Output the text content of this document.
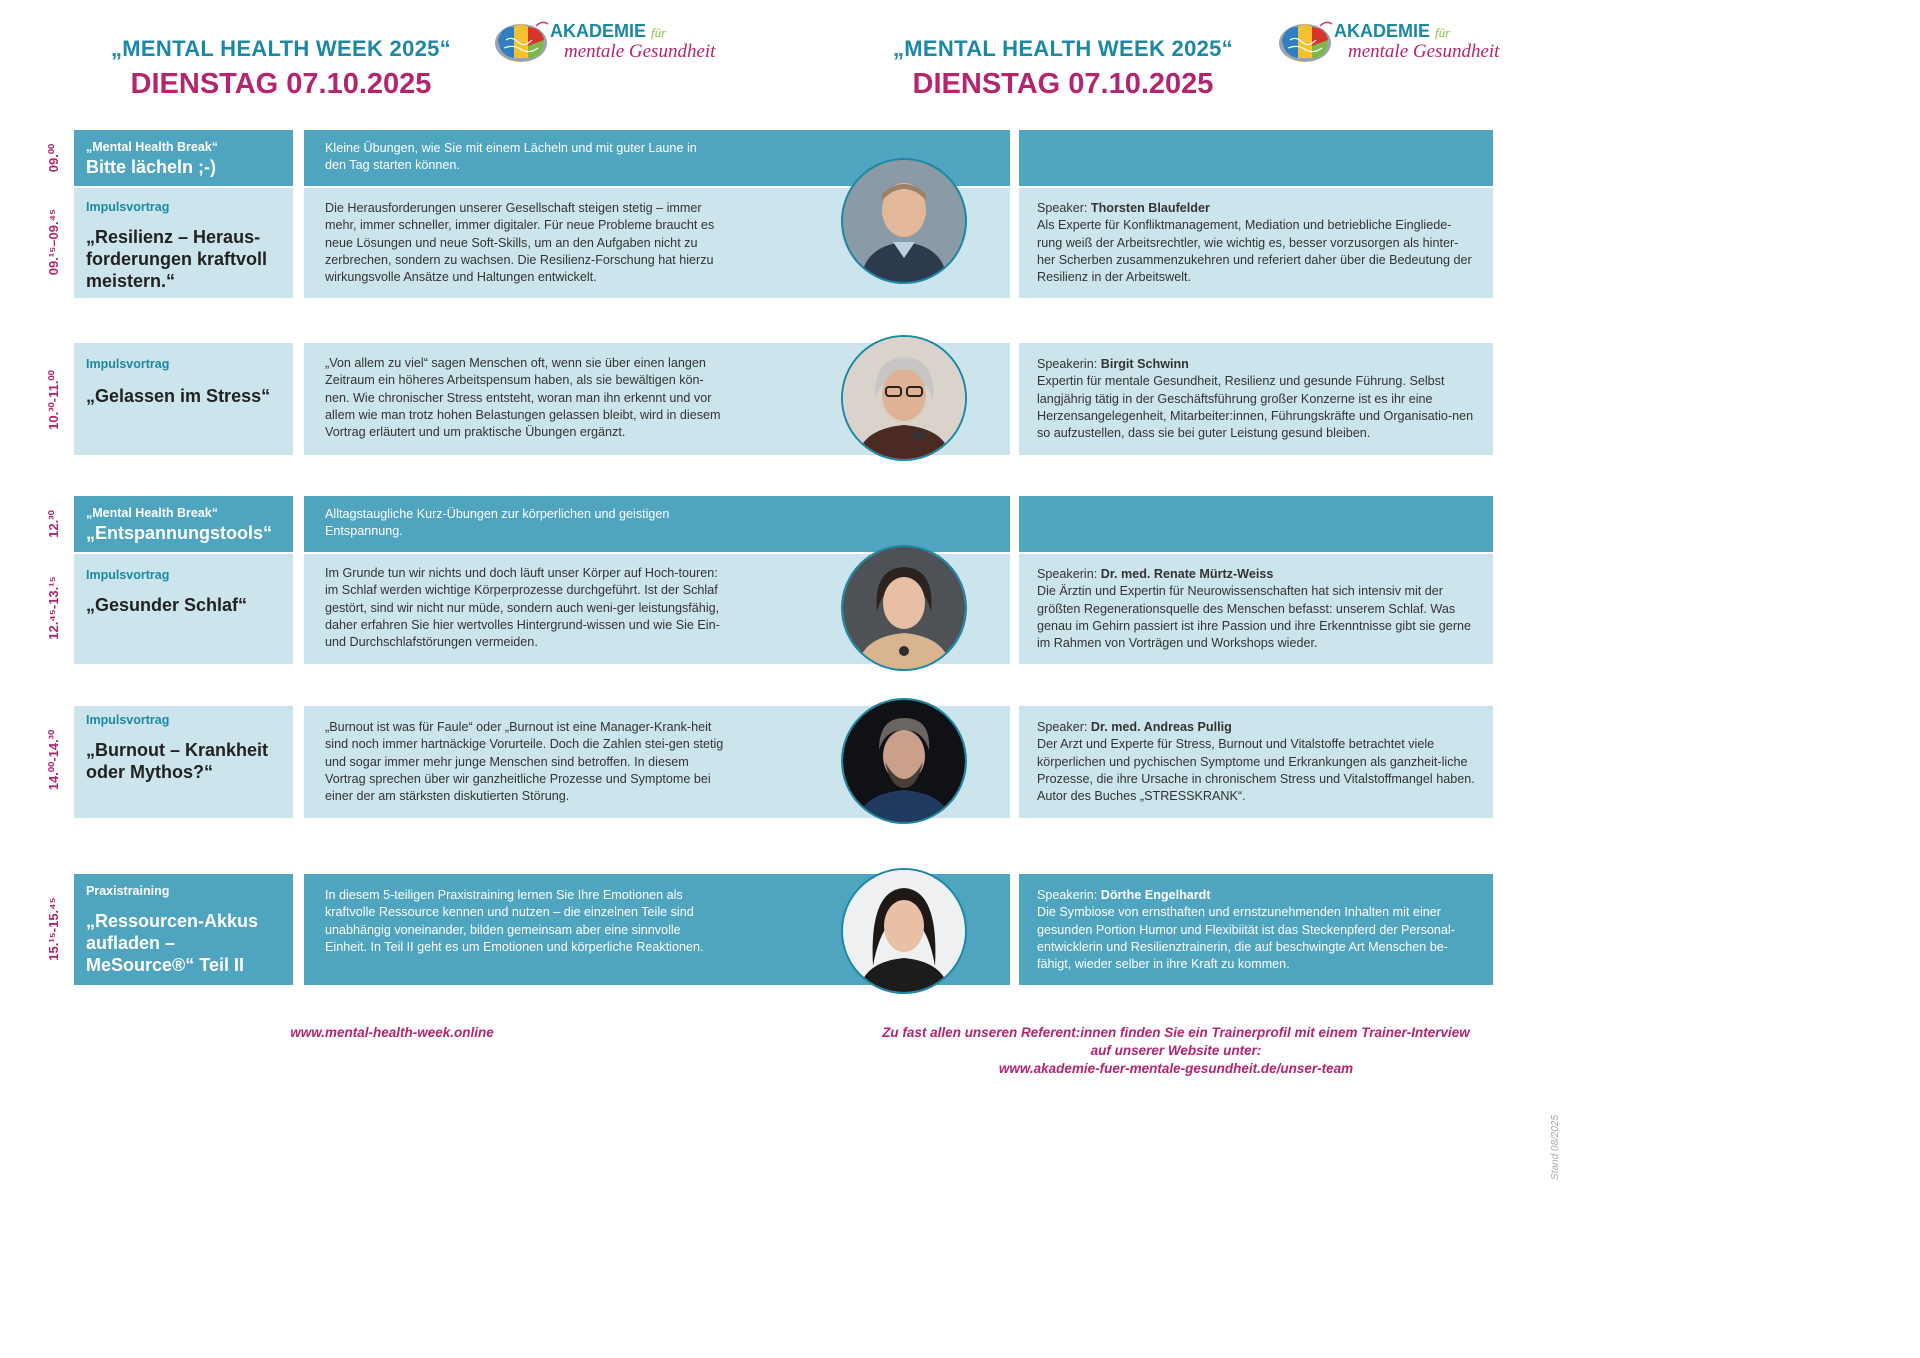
„MENTAL HEALTH WEEK 2025“
DIENSTAG 07.10.2025
AKADEMIE für
mentale Gesundheit	„MENTAL HEALTH WEEK 2025“
DIENSTAG 07.10.2025
AKADEMIE für
mentale Gesundheit
09.⁰⁰ „Mental Health Break“
Bitte lächeln ;-)
Kleine Übungen, wie Sie mit einem Lächeln und mit guter Laune in den Tag starten können.
09.¹⁵–09.⁴⁵
Impulsvortrag
„Resilienz – Heraus-forderungen kraftvoll meistern.“
Die Herausforderungen unserer Gesellschaft steigen stetig – immer mehr, immer schneller, immer digitaler. Für neue Probleme braucht es neue Lösungen und neue Soft-Skills, um an den Aufgaben nicht zu zerbrechen, sondern zu wachsen. Die Resilienz-Forschung hat hierzu wirkungsvolle Ansätze und Haltungen entwickelt.
Speaker: Thorsten Blaufelder
Als Experte für Konfliktmanagement, Mediation und betriebliche Eingliede-rung weiß der Arbeitsrechtler, wie wichtig es, besser vorzusorgen als hinter-her Scherben zusammenzukehren und referiert daher über die Bedeutung der Resilienz in der Arbeitswelt.
10.³⁰-11.⁰⁰
Impulsvortrag
„Gelassen im Stress“
„Von allem zu viel“ sagen Menschen oft, wenn sie über einen langen Zeitraum ein höheres Arbeitspensum haben, als sie bewältigen kön-nen. Wie chronischer Stress entsteht, woran man ihn erkennt und vor allem wie man trotz hohen Belastungen gelassen bleibt, wird in diesem Vortrag erläutert und um praktische Übungen ergänzt.
Speakerin: Birgit Schwinn
Expertin für mentale Gesundheit, Resilienz und gesunde Führung. Selbst langjährig tätig in der Geschäftsführung großer Konzerne ist es ihr eine Herzensangelegenheit, Mitarbeiter:innen, Führungskräfte und Organisatio-nen so aufzustellen, dass sie bei guter Leistung gesund bleiben.
12.³⁰ „Mental Health Break“
„Entspannungstools“
Alltagstaugliche Kurz-Übungen zur körperlichen und geistigen Entspannung.
12.⁴⁵-13.¹⁵
Impulsvortrag
„Gesunder Schlaf“
Im Grunde tun wir nichts und doch läuft unser Körper auf Hoch-touren: im Schlaf werden wichtige Körperprozesse durchgeführt. Ist der Schlaf gestört, sind wir nicht nur müde, sondern auch weni-ger leistungsfähig, daher erfahren Sie hier wertvolles Hintergrund-wissen und wie Sie Ein- und Durchschlafstörungen vermeiden.
Speakerin: Dr. med. Renate Mürtz-Weiss
Die Ärztin und Expertin für Neurowissenschaften hat sich intensiv mit der größten Regenerationsquelle des Menschen befasst: unserem Schlaf. Was genau im Gehirn passiert ist ihre Passion und ihre Erkenntnisse gibt sie gerne im Rahmen von Vorträgen und Workshops wieder.
14.⁰⁰-14.³⁰
Impulsvortrag
„Burnout – Krankheit oder Mythos?“
„Burnout ist was für Faule“ oder „Burnout ist eine Manager-Krank-heit sind noch immer hartnäckige Vorurteile. Doch die Zahlen stei-gen stetig und sogar immer mehr junge Menschen sind betroffen. In diesem Vortrag sprechen über wir ganzheitliche Prozesse und Symptome bei einer der am stärksten diskutierten Störung.
Speaker: Dr. med. Andreas Pullig
Der Arzt und Experte für Stress, Burnout und Vitalstoffe betrachtet viele körperlichen und pychischen Symptome und Erkrankungen als ganzheit-liche Prozesse, die ihre Ursache in chronischem Stress und Vitalstoffmangel haben. Autor des Buches „STRESSKRANK“.
15.¹⁵-15.⁴⁵
Praxistraining
„Ressourcen-Akkus aufladen – MeSource®“ Teil II
In diesem 5-teiligen Praxistraining lernen Sie Ihre Emotionen als kraftvolle Ressource kennen und nutzen – die einzelnen Teile sind unabhängig voneinander, bilden gemeinsam aber eine sinnvolle Einheit. In Teil II geht es um Emotionen und körperliche Reaktionen.
Speakerin: Dörthe Engelhardt
Die Symbiose von ernsthaften und ernstzunehmenden Inhalten mit einer gesunden Portion Humor und Flexibiität ist das Steckenpferd der Personal-entwicklerin und Resilienztrainerin, die auf beschwingte Art Menschen be-fähigt, wieder selber in ihre Kraft zu kommen.
www.mental-health-week.online	Zu fast allen unseren Referent:innen finden Sie ein Trainerprofil mit einem Trainer-Interview
auf unserer Website unter:
www.akademie-fuer-mentale-gesundheit.de/unser-team
Stand 08/2025
